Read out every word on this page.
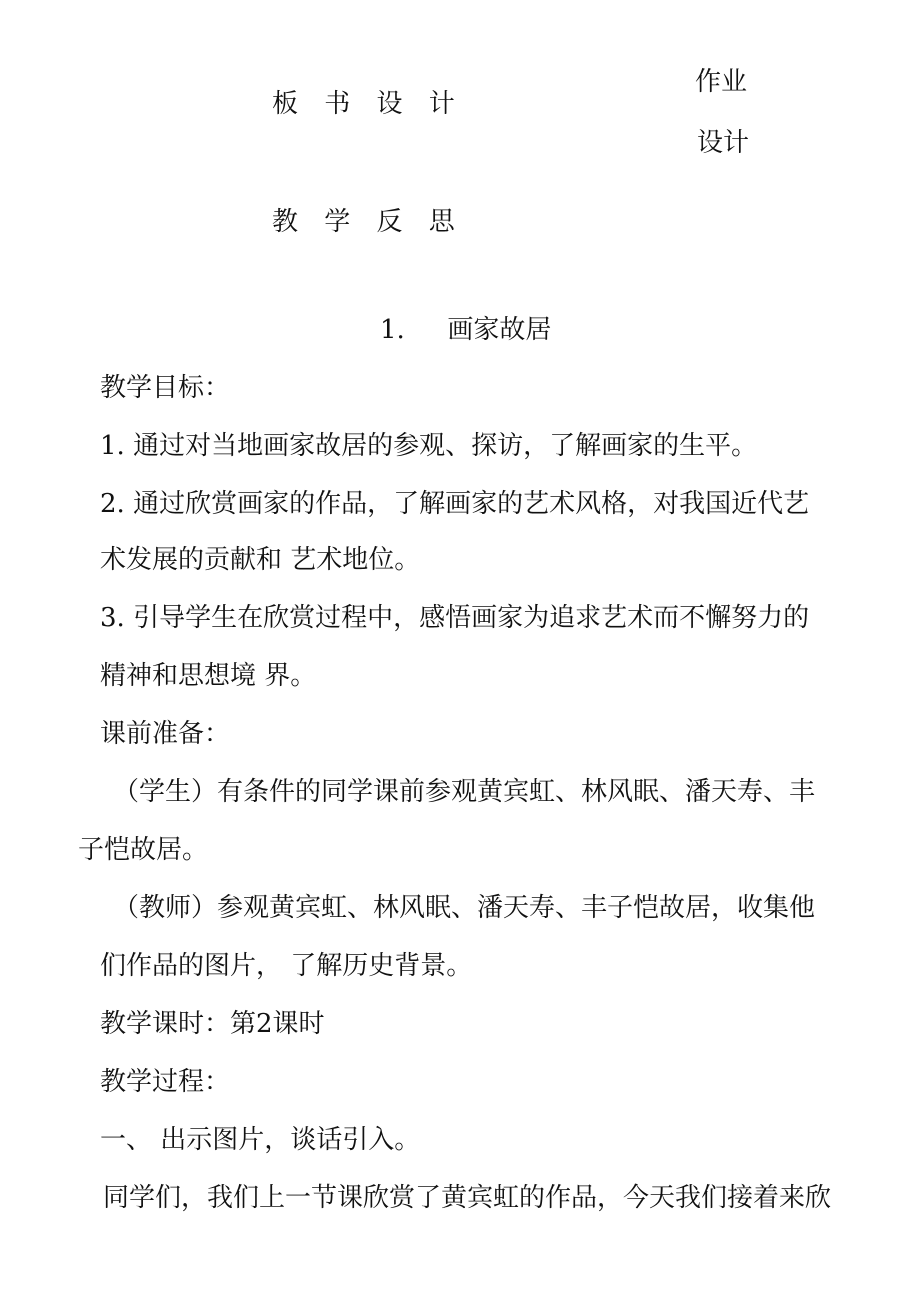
板 书 设 计

作业

设计

教 学 反 思

1. 画家故居

教学目标：

1. 通过对当地画家故居的参观、探访，了解画家的生平。

2. 通过欣赏画家的作品，了解画家的艺术风格，对我国近代艺

术发展的贡献和 艺术地位。

3. 引导学生在欣赏过程中，感悟画家为追求艺术而不懈努力的

精神和思想境 界。

课前准备：

（学生）有条件的同学课前参观黄宾虹、林风眠、潘天寿、丰

子恺故居。

（教师）参观黄宾虹、林风眠、潘天寿、丰子恺故居，收集他

们作品的图片， 了解历史背景。

教学课时：第2课时

教学过程：

一、 出示图片，谈话引入。

同学们，我们上一节课欣赏了黄宾虹的作品，今天我们接着来欣
